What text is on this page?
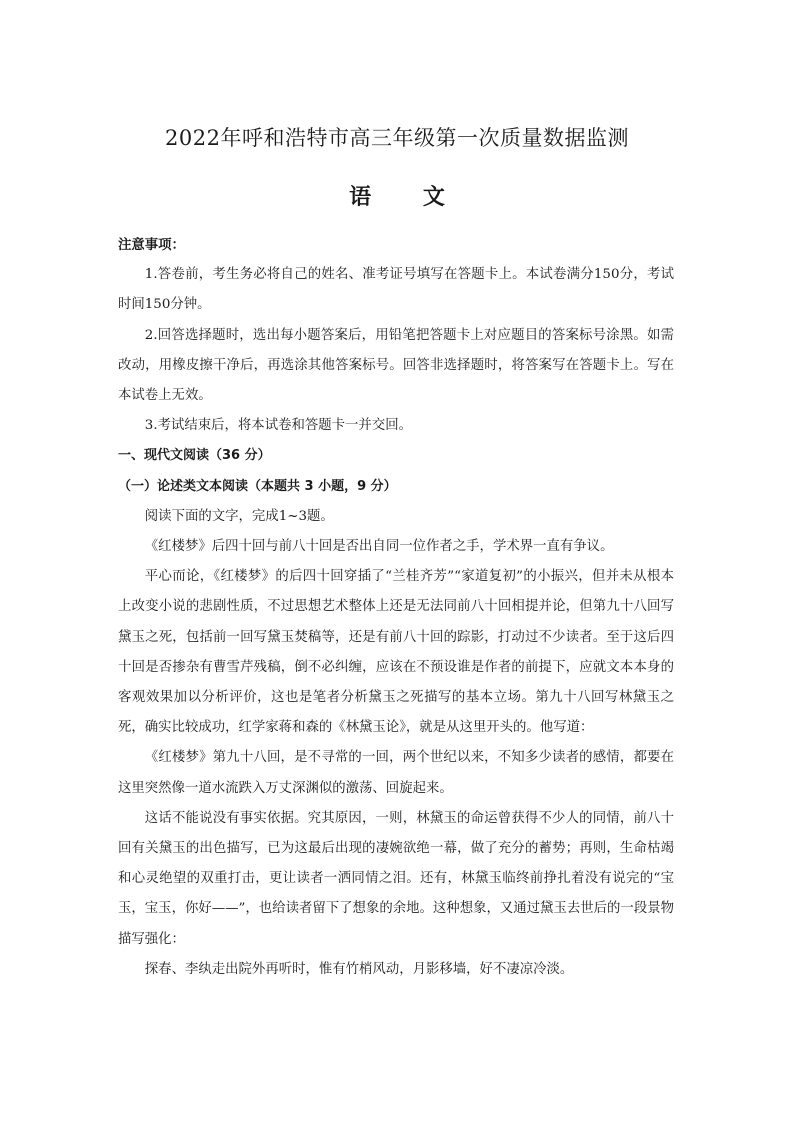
2022年呼和浩特市高三年级第一次质量数据监测
语 文

注意事项：

1.答卷前，考生务必将自己的姓名、准考证号填写在答题卡上。本试卷满分150分，考试时间150分钟。

2.回答选择题时，选出每小题答案后，用铅笔把答题卡上对应题目的答案标号涂黑。如需改动，用橡皮擦干净后，再选涂其他答案标号。回答非选择题时，将答案写在答题卡上。写在本试卷上无效。

3.考试结束后，将本试卷和答题卡一并交回。

一、现代文阅读（36 分）

（一）论述类文本阅读（本题共 3 小题，9 分）

阅读下面的文字，完成1~3题。

《红楼梦》后四十回与前八十回是否出自同一位作者之手，学术界一直有争议。

平心而论，《红楼梦》的后四十回穿插了“兰桂齐芳”“家道复初”的小振兴，但并未从根本上改变小说的悲剧性质，不过思想艺术整体上还是无法同前八十回相提并论，但第九十八回写黛玉之死，包括前一回写黛玉焚稿等，还是有前八十回的踪影，打动过不少读者。至于这后四十回是否掺杂有曹雪芹残稿，倒不必纠缠，应该在不预设谁是作者的前提下，应就文本本身的客观效果加以分析评价，这也是笔者分析黛玉之死描写的基本立场。第九十八回写林黛玉之死，确实比较成功，红学家蒋和森的《林黛玉论》，就是从这里开头的。他写道：

《红楼梦》第九十八回，是不寻常的一回，两个世纪以来，不知多少读者的感情，都要在这里突然像一道水流跌入万丈深渊似的激荡、回旋起来。

这话不能说没有事实依据。究其原因，一则，林黛玉的命运曾获得不少人的同情，前八十回有关黛玉的出色描写，已为这最后出现的凄婉欲绝一幕，做了充分的蓄势；再则，生命枯竭和心灵绝望的双重打击，更让读者一洒同情之泪。还有，林黛玉临终前挣扎着没有说完的“宝玉，宝玉，你好——”，也给读者留下了想象的余地。这种想象，又通过黛玉去世后的一段景物描写强化：

探春、李纨走出院外再听时，惟有竹梢风动，月影移墙，好不凄凉冷淡。
